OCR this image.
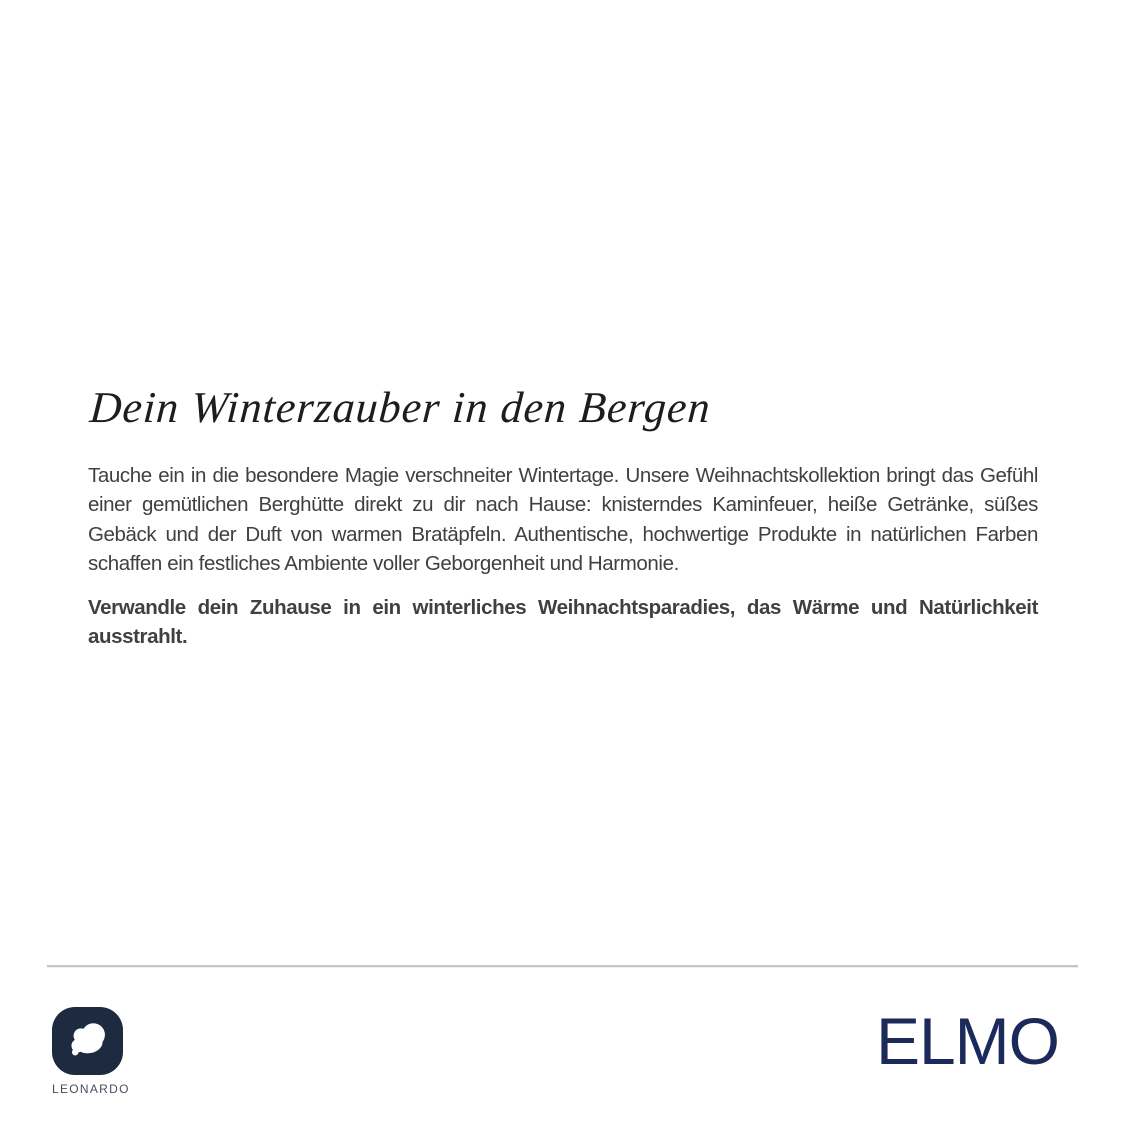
Dein Winterzauber in den Bergen

Tauche ein in die besondere Magie verschneiter Wintertage. Unsere Weihnachtskollektion bringt das Gefühl einer gemütlichen Berghütte direkt zu dir nach Hause: knisterndes Kaminfeuer, heiße Getränke, süßes Gebäck und der Duft von warmen Bratäpfeln. Authentische, hochwertige Produkte in natürlichen Farben schaffen ein festliches Ambiente voller Geborgenheit und Harmonie.

Verwandle dein Zuhause in ein winterliches Weihnachtsparadies, das Wärme und Natürlichkeit ausstrahlt.

LEONARDO
ELMO
